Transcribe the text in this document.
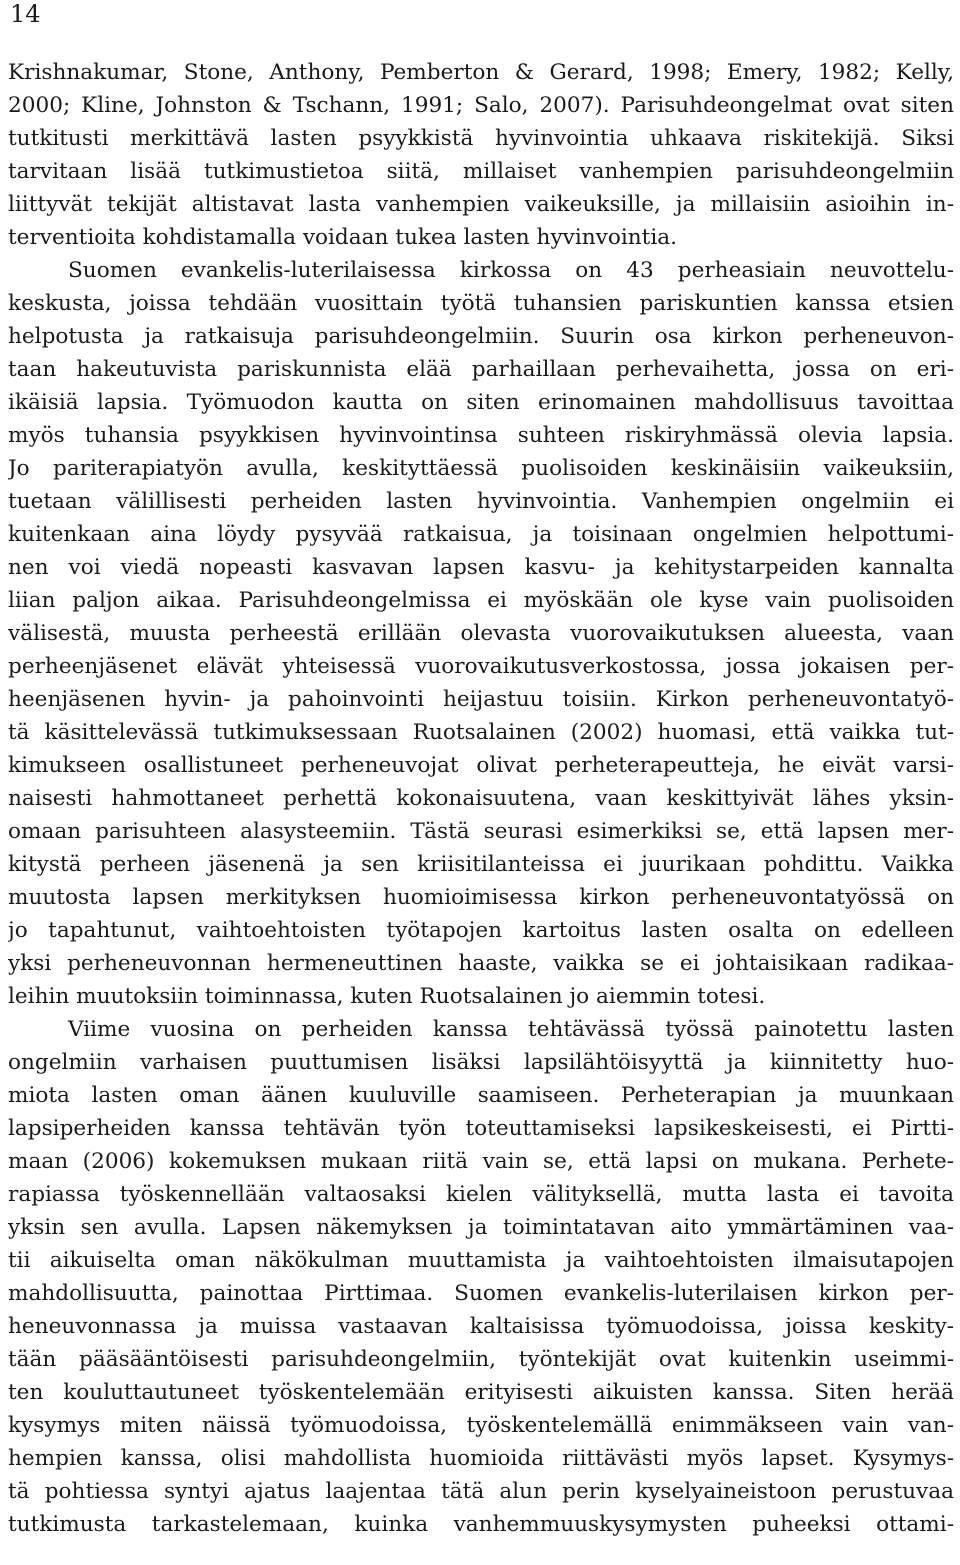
14
Krishnakumar, Stone, Anthony, Pemberton & Gerard, 1998; Emery, 1982; Kelly,
2000; Kline, Johnston & Tschann, 1991; Salo, 2007). Parisuhdeongelmat ovat siten
tutkitusti merkittävä lasten psyykkistä hyvinvointia uhkaava riskitekijä. Siksi
tarvitaan lisää tutkimustietoa siitä, millaiset vanhempien parisuhdeongelmiin
liittyvät tekijät altistavat lasta vanhempien vaikeuksille, ja millaisiin asioihin in-
terventioita kohdistamalla voidaan tukea lasten hyvinvointia.
Suomen evankelis-luterilaisessa kirkossa on 43 perheasiain neuvottelu-
keskusta, joissa tehdään vuosittain työtä tuhansien pariskuntien kanssa etsien
helpotusta ja ratkaisuja parisuhdeongelmiin. Suurin osa kirkon perheneuvon-
taan hakeutuvista pariskunnista elää parhaillaan perhevaihetta, jossa on eri-
ikäisiä lapsia. Työmuodon kautta on siten erinomainen mahdollisuus tavoittaa
myös tuhansia psyykkisen hyvinvointinsa suhteen riskiryhmässä olevia lapsia.
Jo pariterapiatyön avulla, keskityttäessä puolisoiden keskinäisiin vaikeuksiin,
tuetaan välillisesti perheiden lasten hyvinvointia. Vanhempien ongelmiin ei
kuitenkaan aina löydy pysyvää ratkaisua, ja toisinaan ongelmien helpottumi-
nen voi viedä nopeasti kasvavan lapsen kasvu- ja kehitystarpeiden kannalta
liian paljon aikaa. Parisuhdeongelmissa ei myöskään ole kyse vain puolisoiden
välisestä, muusta perheestä erillään olevasta vuorovaikutuksen alueesta, vaan
perheenjäsenet elävät yhteisessä vuorovaikutusverkostossa, jossa jokaisen per-
heenjäsenen hyvin- ja pahoinvointi heijastuu toisiin. Kirkon perheneuvontatyö-
tä käsittelevässä tutkimuksessaan Ruotsalainen (2002) huomasi, että vaikka tut-
kimukseen osallistuneet perheneuvojat olivat perheterapeutteja, he eivät varsi-
naisesti hahmottaneet perhettä kokonaisuutena, vaan keskittyivät lähes yksin-
omaan parisuhteen alasysteemiin. Tästä seurasi esimerkiksi se, että lapsen mer-
kitystä perheen jäsenenä ja sen kriisitilanteissa ei juurikaan pohdittu. Vaikka
muutosta lapsen merkityksen huomioimisessa kirkon perheneuvontatyössä on
jo tapahtunut, vaihtoehtoisten työtapojen kartoitus lasten osalta on edelleen
yksi perheneuvonnan hermeneuttinen haaste, vaikka se ei johtaisikaan radikaa-
leihin muutoksiin toiminnassa, kuten Ruotsalainen jo aiemmin totesi.
Viime vuosina on perheiden kanssa tehtävässä työssä painotettu lasten
ongelmiin varhaisen puuttumisen lisäksi lapsilähtöisyyttä ja kiinnitetty huo-
miota lasten oman äänen kuuluville saamiseen. Perheterapian ja muunkaan
lapsiperheiden kanssa tehtävän työn toteuttamiseksi lapsikeskeisesti, ei Pirtti-
maan (2006) kokemuksen mukaan riitä vain se, että lapsi on mukana. Perhete-
rapiassa työskennellään valtaosaksi kielen välityksellä, mutta lasta ei tavoita
yksin sen avulla. Lapsen näkemyksen ja toimintatavan aito ymmärtäminen vaa-
tii aikuiselta oman näkökulman muuttamista ja vaihtoehtoisten ilmaisutapojen
mahdollisuutta, painottaa Pirttimaa. Suomen evankelis-luterilaisen kirkon per-
heneuvonnassa ja muissa vastaavan kaltaisissa työmuodoissa, joissa keskity-
tään pääsääntöisesti parisuhdeongelmiin, työntekijät ovat kuitenkin useimmi-
ten kouluttautuneet työskentelemään erityisesti aikuisten kanssa. Siten herää
kysymys miten näissä työmuodoissa, työskentelemällä enimmäkseen vain van-
hempien kanssa, olisi mahdollista huomioida riittävästi myös lapset. Kysymys-
tä pohtiessa syntyi ajatus laajentaa tätä alun perin kyselyaineistoon perustuvaa
tutkimusta tarkastelemaan, kuinka vanhemmuuskysymysten puheeksi ottami-
